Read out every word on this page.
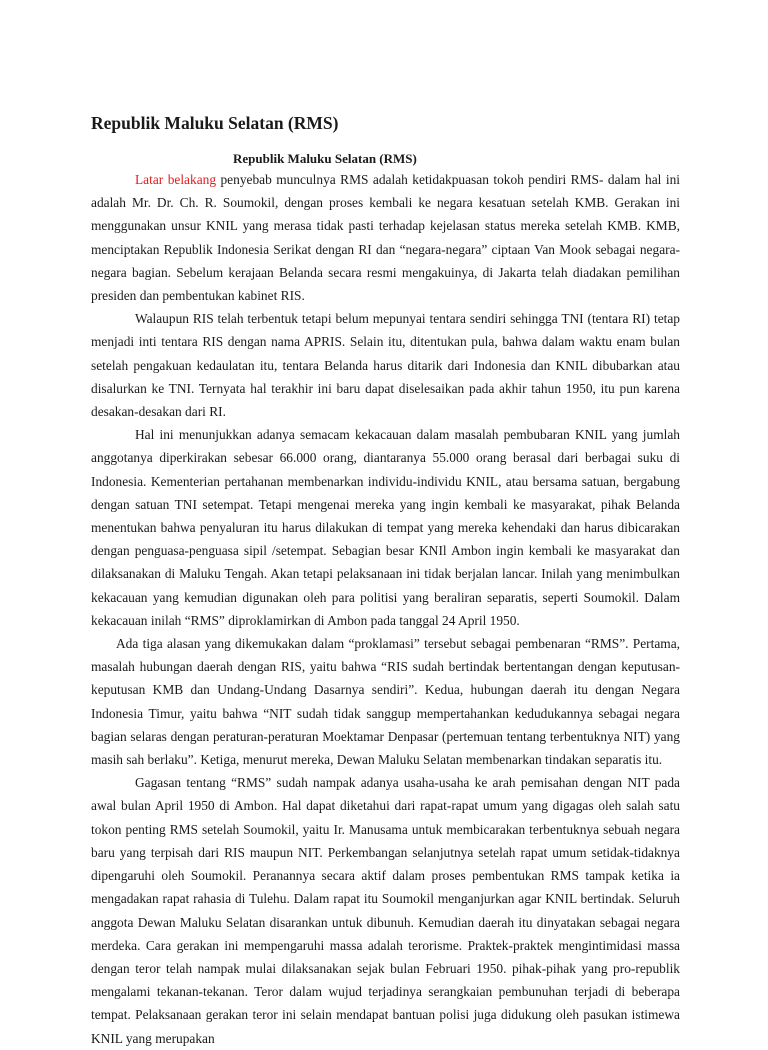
Republik Maluku Selatan (RMS)
Republik Maluku Selatan (RMS)

Latar belakang penyebab munculnya RMS adalah ketidakpuasan tokoh pendiri RMS- dalam hal ini adalah Mr. Dr. Ch. R. Soumokil, dengan proses kembali ke negara kesatuan setelah KMB. Gerakan ini menggunakan unsur KNIL yang merasa tidak pasti terhadap kejelasan status mereka setelah KMB. KMB, menciptakan Republik Indonesia Serikat dengan RI dan “negara-negara” ciptaan Van Mook sebagai negara-negara bagian. Sebelum kerajaan Belanda secara resmi mengakuinya, di Jakarta telah diadakan pemilihan presiden dan pembentukan kabinet RIS.

Walaupun RIS telah terbentuk tetapi belum mepunyai tentara sendiri sehingga TNI (tentara RI) tetap menjadi inti tentara RIS dengan nama APRIS. Selain itu, ditentukan pula, bahwa dalam waktu enam bulan setelah pengakuan kedaulatan itu, tentara Belanda harus ditarik dari Indonesia dan KNIL dibubarkan atau disalurkan ke TNI. Ternyata hal terakhir ini baru dapat diselesaikan pada akhir tahun 1950, itu pun karena desakan-desakan dari RI.

Hal ini menunjukkan adanya semacam kekacauan dalam masalah pembubaran KNIL yang jumlah anggotanya diperkirakan sebesar 66.000 orang, diantaranya 55.000 orang berasal dari berbagai suku di Indonesia. Kementerian pertahanan membenarkan individu-individu KNIL, atau bersama satuan, bergabung dengan satuan TNI setempat. Tetapi mengenai mereka yang ingin kembali ke masyarakat, pihak Belanda menentukan bahwa penyaluran itu harus dilakukan di tempat yang mereka kehendaki dan harus dibicarakan dengan penguasa-penguasa sipil /setempat. Sebagian besar KNIl Ambon ingin kembali ke masyarakat dan dilaksanakan di Maluku Tengah. Akan tetapi pelaksanaan ini tidak berjalan lancar. Inilah yang menimbulkan kekacauan yang kemudian digunakan oleh para politisi yang beraliran separatis, seperti Soumokil. Dalam kekacauan inilah “RMS” diproklamirkan di Ambon pada tanggal 24 April 1950.

Ada tiga alasan yang dikemukakan dalam “proklamasi” tersebut sebagai pembenaran “RMS”. Pertama, masalah hubungan daerah dengan RIS, yaitu bahwa “RIS sudah bertindak bertentangan dengan keputusan-keputusan KMB dan Undang-Undang Dasarnya sendiri”. Kedua, hubungan daerah itu dengan Negara Indonesia Timur, yaitu bahwa “NIT sudah tidak sanggup mempertahankan kedudukannya sebagai negara bagian selaras dengan peraturan-peraturan Moektamar Denpasar (pertemuan tentang terbentuknya NIT) yang masih sah berlaku”. Ketiga, menurut mereka, Dewan Maluku Selatan membenarkan tindakan separatis itu.

Gagasan tentang “RMS” sudah nampak adanya usaha-usaha ke arah pemisahan dengan NIT pada awal bulan April 1950 di Ambon. Hal dapat diketahui dari rapat-rapat umum yang digagas oleh salah satu tokon penting RMS setelah Soumokil, yaitu Ir. Manusama untuk membicarakan terbentuknya sebuah negara baru yang terpisah dari RIS maupun NIT. Perkembangan selanjutnya setelah rapat umum setidak-tidaknya dipengaruhi oleh Soumokil. Peranannya secara aktif dalam proses pembentukan RMS tampak ketika ia mengadakan rapat rahasia di Tulehu. Dalam rapat itu Soumokil menganjurkan agar KNIL bertindak. Seluruh anggota Dewan Maluku Selatan disarankan untuk dibunuh. Kemudian daerah itu dinyatakan sebagai negara merdeka. Cara gerakan ini mempengaruhi massa adalah terorisme. Praktek-praktek mengintimidasi massa dengan teror telah nampak mulai dilaksanakan sejak bulan Februari 1950. pihak-pihak yang pro-republik mengalami tekanan-tekanan. Teror dalam wujud terjadinya serangkaian pembunuhan terjadi di beberapa tempat. Pelaksanaan gerakan teror ini selain mendapat bantuan polisi juga didukung oleh pasukan istimewa KNIL yang merupakan
